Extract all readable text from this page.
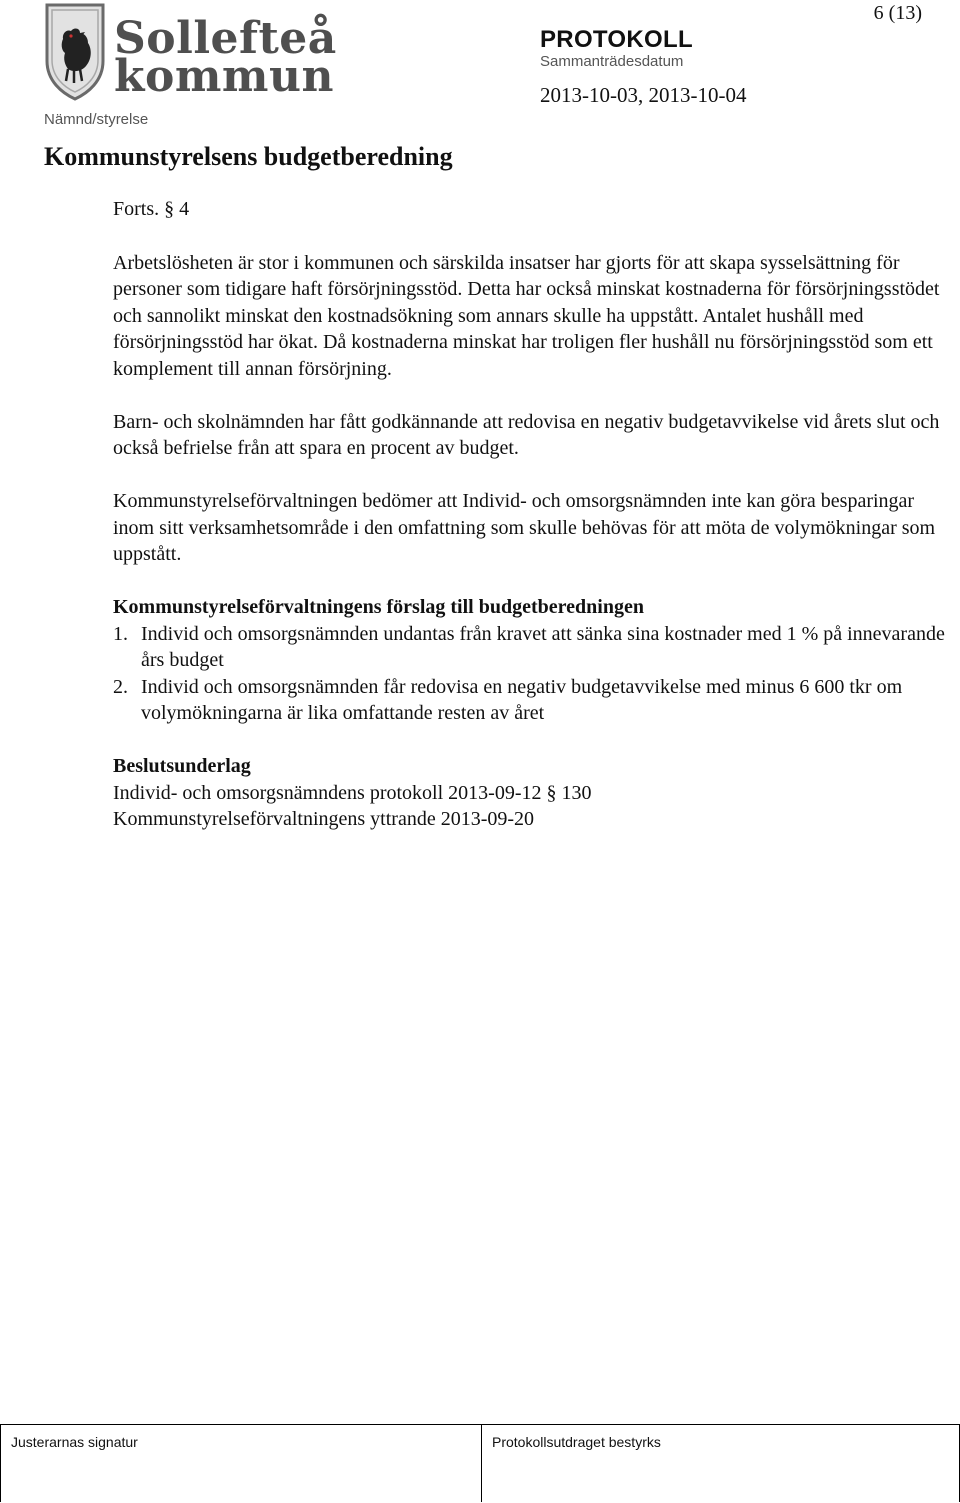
6 (13)
Sollefteå
kommun
PROTOKOLL
Sammanträdesdatum
2013-10-03, 2013-10-04
Nämnd/styrelse
Kommunstyrelsens budgetberedning

Forts. § 4

Arbetslösheten är stor i kommunen och särskilda insatser har gjorts för att skapa sysselsättning för personer som tidigare haft försörjningsstöd. Detta har också minskat kostnaderna för försörjningsstödet och sannolikt minskat den kostnadsökning som annars skulle ha uppstått. Antalet hushåll med försörjningsstöd har ökat. Då kostnaderna minskat har troligen fler hushåll nu försörjningsstöd som ett komplement till annan försörjning.

Barn- och skolnämnden har fått godkännande att redovisa en negativ budgetavvikelse vid årets slut och också befrielse från att spara en procent av budget.

Kommunstyrelseförvaltningen bedömer att Individ- och omsorgsnämnden inte kan göra besparingar inom sitt verksamhetsområde i den omfattning som skulle behövas för att möta de volymökningar som uppstått.

Kommunstyrelseförvaltningens förslag till budgetberedningen

1. Individ och omsorgsnämnden undantas från kravet att sänka sina kostnader med 1 % på innevarande års budget
2. Individ och omsorgsnämnden får redovisa en negativ budgetavvikelse med minus 6 600 tkr om volymökningarna är lika omfattande resten av året

Beslutsunderlag

Individ- och omsorgsnämndens protokoll 2013-09-12 § 130

Kommunstyrelseförvaltningens yttrande 2013-09-20

Justerarnas signatur	Protokollsutdraget bestyrks
